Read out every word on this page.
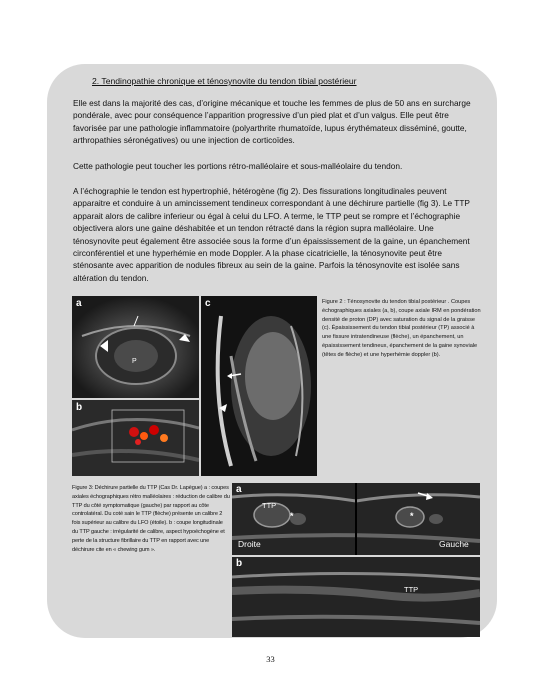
2. Tendinopathie chronique et ténosynovite du tendon tibial postérieur

Elle est dans la majorité des cas, d’origine mécanique et touche les femmes de plus de 50 ans en surcharge pondérale, avec pour conséquence l’apparition progressive d’un pied plat et d’un valgus. Elle peut être favorisée par une pathologie inflammatoire (polyarthrite rhumatoïde, lupus érythémateux disséminé, goutte, arthropathies séronégatives) ou une injection de corticoïdes.

Cette pathologie peut toucher les portions rétro-malléolaire et sous-malléolaire du tendon.

A l’échographie le tendon est hypertrophié, hétérogène (fig 2). Des fissurations longitudinales peuvent apparaitre et conduire à un amincissement tendineux correspondant à une déchirure partielle (fig 3). Le TTP apparait alors de calibre inferieur ou égal à celui du LFO. A terme, le TTP peut se rompre et l’échographie objectivera alors une gaine déshabitée et un tendon rétracté dans la région supra malléolaire. Une ténosynovite peut également être associée sous la forme d’un épaississement de la gaine, un épanchement circonférentiel et une hyperhémie en mode Doppler. A la phase cicatricielle, la ténosynovite peut être sténosante avec apparition de nodules fibreux au sein de la gaine. Parfois la ténosynovite est isolée sans altération du tendon.

a
P
b
c	Figure 2 : Ténosynovite du tendon tibial postérieur . Coupes échographiques axiales (a, b), coupe axiale IRM en pondération densité de proton (DP) avec saturation du signal de la graisse (c). Épaississement du tendon tibial postérieur (TP) associé à une fissure intratendineuse (flèche), un épanchement, un épaississement tendineux, épanchement de la gaine synoviale (têtes de flèche) et une hyperhémie doppler (b).

Figure 3: Déchirure partielle du TTP (Cas Dr. Lapègue) a : coupes axiales échographiques rétro malléolaires : réduction de calibre du TTP du côté symptomatique (gauche) par rapport au côte controlatéral. Du coté sain le TTP (flèche) présente un calibre 2 fois supérieur au calibre du LFO (étoile). b : coupe longitudinale du TTP gauche : irrégularité de calibre, aspect hypoéchogène et perte de la structure fibrillaire du TTP en rapport avec une déchirure cite en « chewing gum ».

a
TTP
*	*
Droite	Gauche
b
TTP
33
